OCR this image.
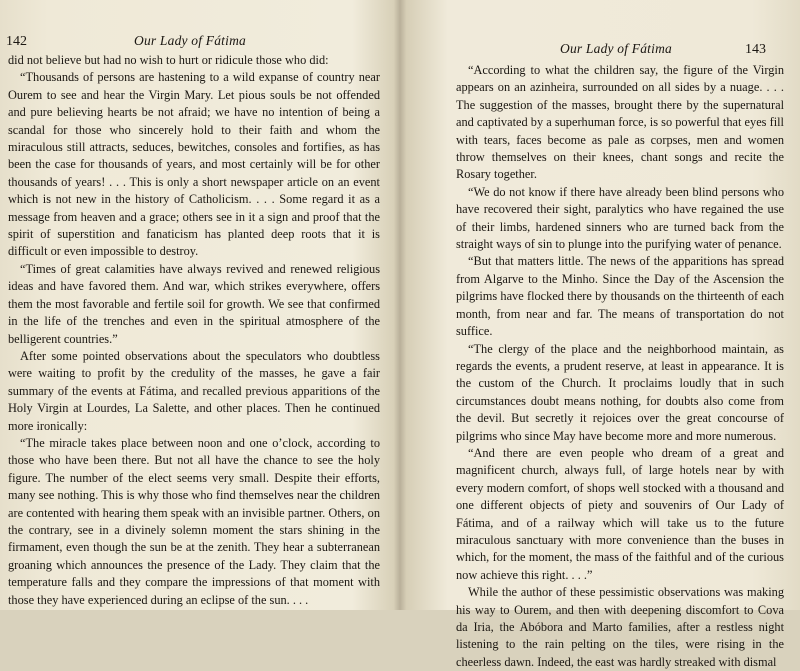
142	Our Lady of Fátima

did not believe but had no wish to hurt or ridicule those who did:

“Thousands of persons are hastening to a wild expanse of country near Ourem to see and hear the Virgin Mary. Let pious souls be not offended and pure believing hearts be not afraid; we have no intention of being a scandal for those who sincerely hold to their faith and whom the miraculous still attracts, seduces, bewitches, consoles and fortifies, as has been the case for thousands of years, and most certainly will be for other thousands of years! . . . This is only a short newspaper article on an event which is not new in the history of Catholicism. . . . Some regard it as a message from heaven and a grace; others see in it a sign and proof that the spirit of superstition and fanaticism has planted deep roots that it is difficult or even impossible to destroy.

“Times of great calamities have always revived and renewed religious ideas and have favored them. And war, which strikes everywhere, offers them the most favorable and fertile soil for growth. We see that confirmed in the life of the trenches and even in the spiritual atmosphere of the belligerent countries.”

After some pointed observations about the speculators who doubtless were waiting to profit by the credulity of the masses, he gave a fair summary of the events at Fátima, and recalled previous apparitions of the Holy Virgin at Lourdes, La Salette, and other places. Then he continued more ironically:

“The miracle takes place between noon and one o’clock, according to those who have been there. But not all have the chance to see the holy figure. The number of the elect seems very small. Despite their efforts, many see nothing. This is why those who find themselves near the children are contented with hearing them speak with an invisible partner. Others, on the contrary, see in a divinely solemn moment the stars shining in the firmament, even though the sun be at the zenith. They hear a subterranean groaning which announces the presence of the Lady. They claim that the temperature falls and they compare the impressions of that moment with those they have experienced during an eclipse of the sun. . . .

Our Lady of Fátima	143

“According to what the children say, the figure of the Virgin appears on an azinheira, surrounded on all sides by a nuage. . . . The suggestion of the masses, brought there by the supernatural and captivated by a superhuman force, is so powerful that eyes fill with tears, faces become as pale as corpses, men and women throw themselves on their knees, chant songs and recite the Rosary together.

“We do not know if there have already been blind persons who have recovered their sight, paralytics who have regained the use of their limbs, hardened sinners who are turned back from the straight ways of sin to plunge into the purifying water of penance.

“But that matters little. The news of the apparitions has spread from Algarve to the Minho. Since the Day of the Ascension the pilgrims have flocked there by thousands on the thirteenth of each month, from near and far. The means of transportation do not suffice.

“The clergy of the place and the neighborhood maintain, as regards the events, a prudent reserve, at least in appearance. It is the custom of the Church. It proclaims loudly that in such circumstances doubt means nothing, for doubts also come from the devil. But secretly it rejoices over the great concourse of pilgrims who since May have become more and more numerous.

“And there are even people who dream of a great and magnificent church, always full, of large hotels near by with every modern comfort, of shops well stocked with a thousand and one different objects of piety and souvenirs of Our Lady of Fátima, and of a railway which will take us to the future miraculous sanctuary with more convenience than the buses in which, for the moment, the mass of the faithful and of the curious now achieve this right. . . .”

While the author of these pessimistic observations was making his way to Ourem, and then with deepening discomfort to Cova da Iria, the Abóbora and Marto families, after a restless night listening to the rain pelting on the tiles, were rising in the cheerless dawn. Indeed, the east was hardly streaked with dismal
